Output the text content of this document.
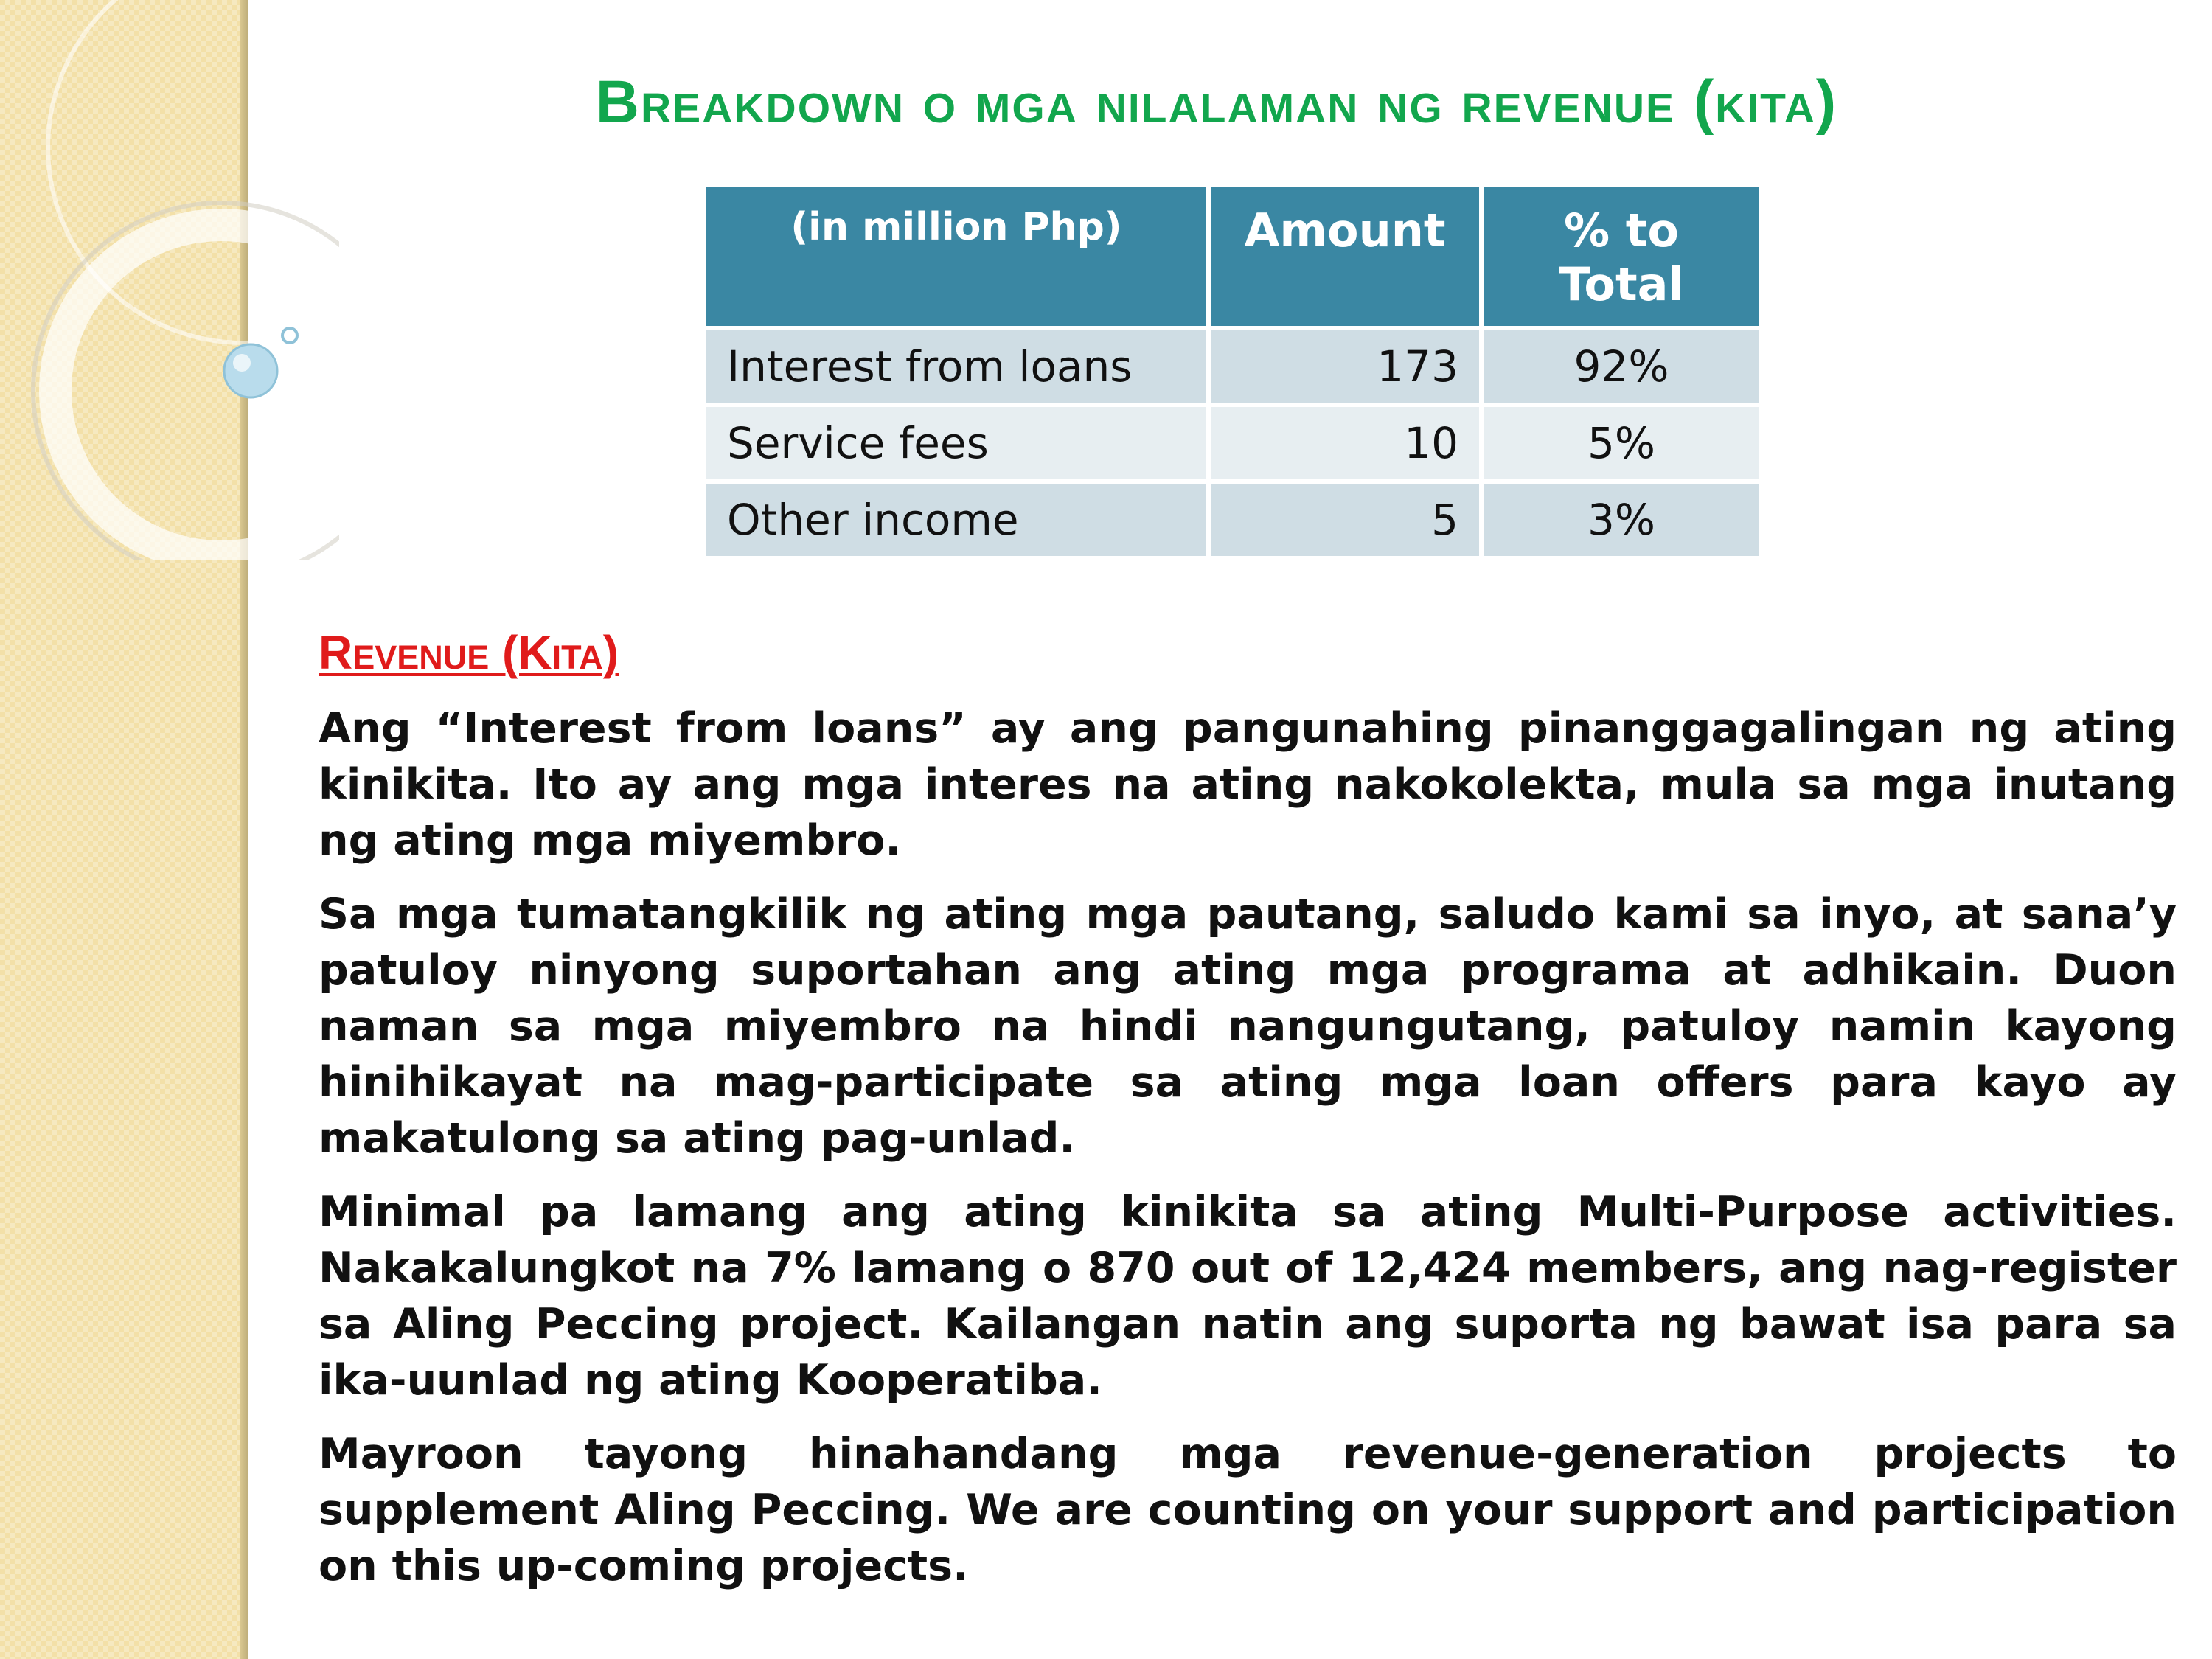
Breakdown o mga nilalaman ng revenue (kita)
(in million Php)	Amount	% to Total
Interest from loans	173	92%
Service fees	10	5%
Other income	5	3%
Revenue (Kita)

Ang “Interest from loans” ay ang pangunahing pinanggagalingan ng ating kinikita. Ito ay ang mga interes na ating nakokolekta, mula sa mga inutang ng ating mga miyembro.

Sa mga tumatangkilik ng ating mga pautang, saludo kami sa inyo, at sana’y patuloy ninyong suportahan ang ating mga programa at adhikain. Duon naman sa mga miyembro na hindi nangungutang, patuloy namin kayong hinihikayat na mag-participate sa ating mga loan offers para kayo ay makatulong sa ating pag-unlad.

Minimal pa lamang ang ating kinikita sa ating Multi-Purpose activities. Nakakalungkot na 7% lamang o 870 out of 12,424 members, ang nag-register sa Aling Peccing project. Kailangan natin ang suporta ng bawat isa para sa ika-uunlad ng ating Kooperatiba.

Mayroon tayong hinahandang mga revenue-generation projects to supplement Aling Peccing. We are counting on your support and participation on this up-coming projects.
